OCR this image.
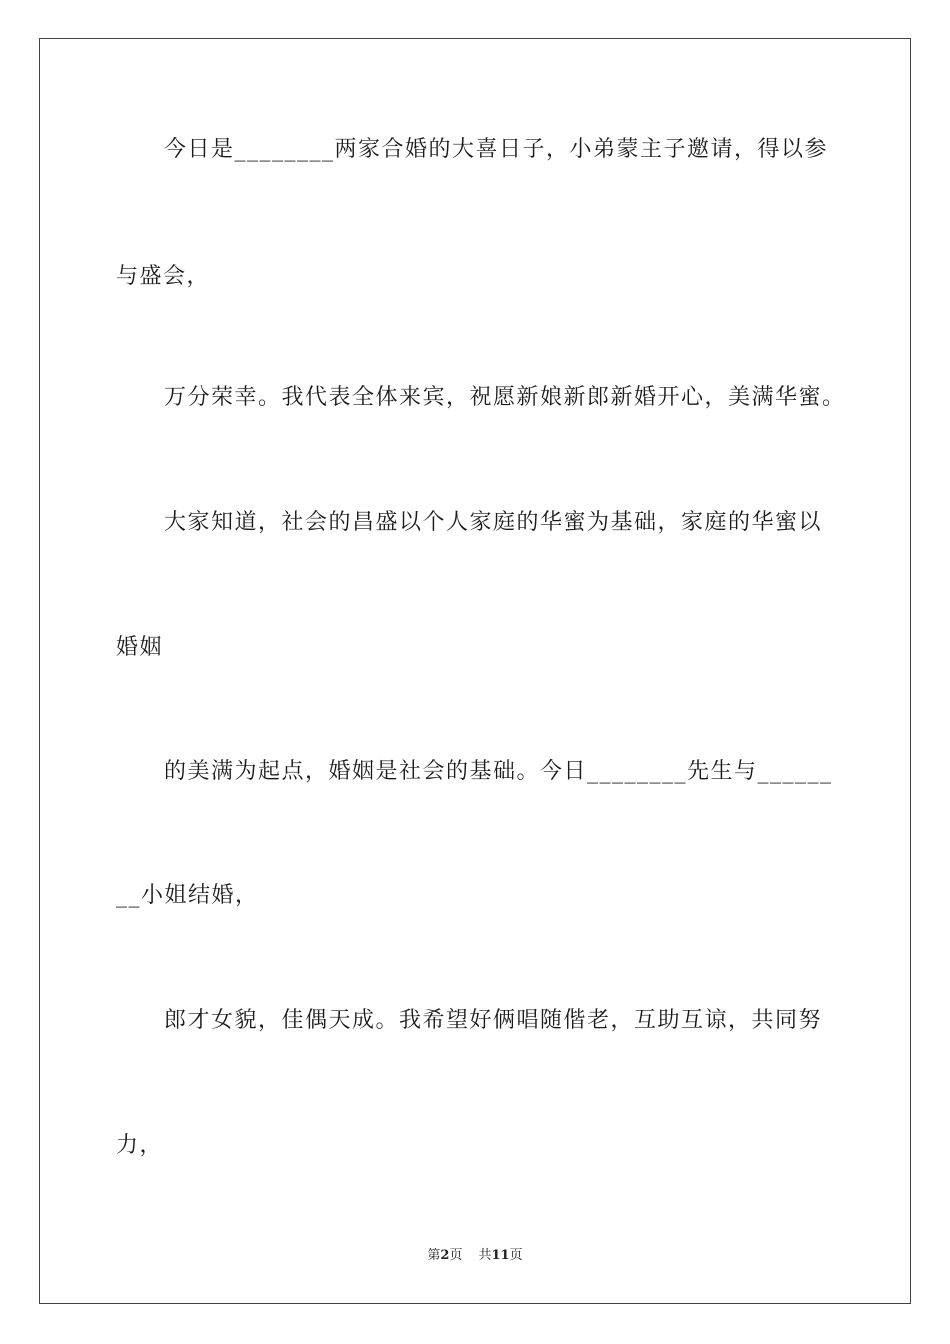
今日是________两家合婚的大喜日子，小弟蒙主子邀请，得以参
与盛会，
万分荣幸。我代表全体来宾，祝愿新娘新郎新婚开心，美满华蜜。
大家知道，社会的昌盛以个人家庭的华蜜为基础，家庭的华蜜以
婚姻
的美满为起点，婚姻是社会的基础。今日________先生与______
__小姐结婚，
郎才女貌，佳偶天成。我希望好俩唱随偕老，互助互谅，共同努
力，
第2页 共11页
